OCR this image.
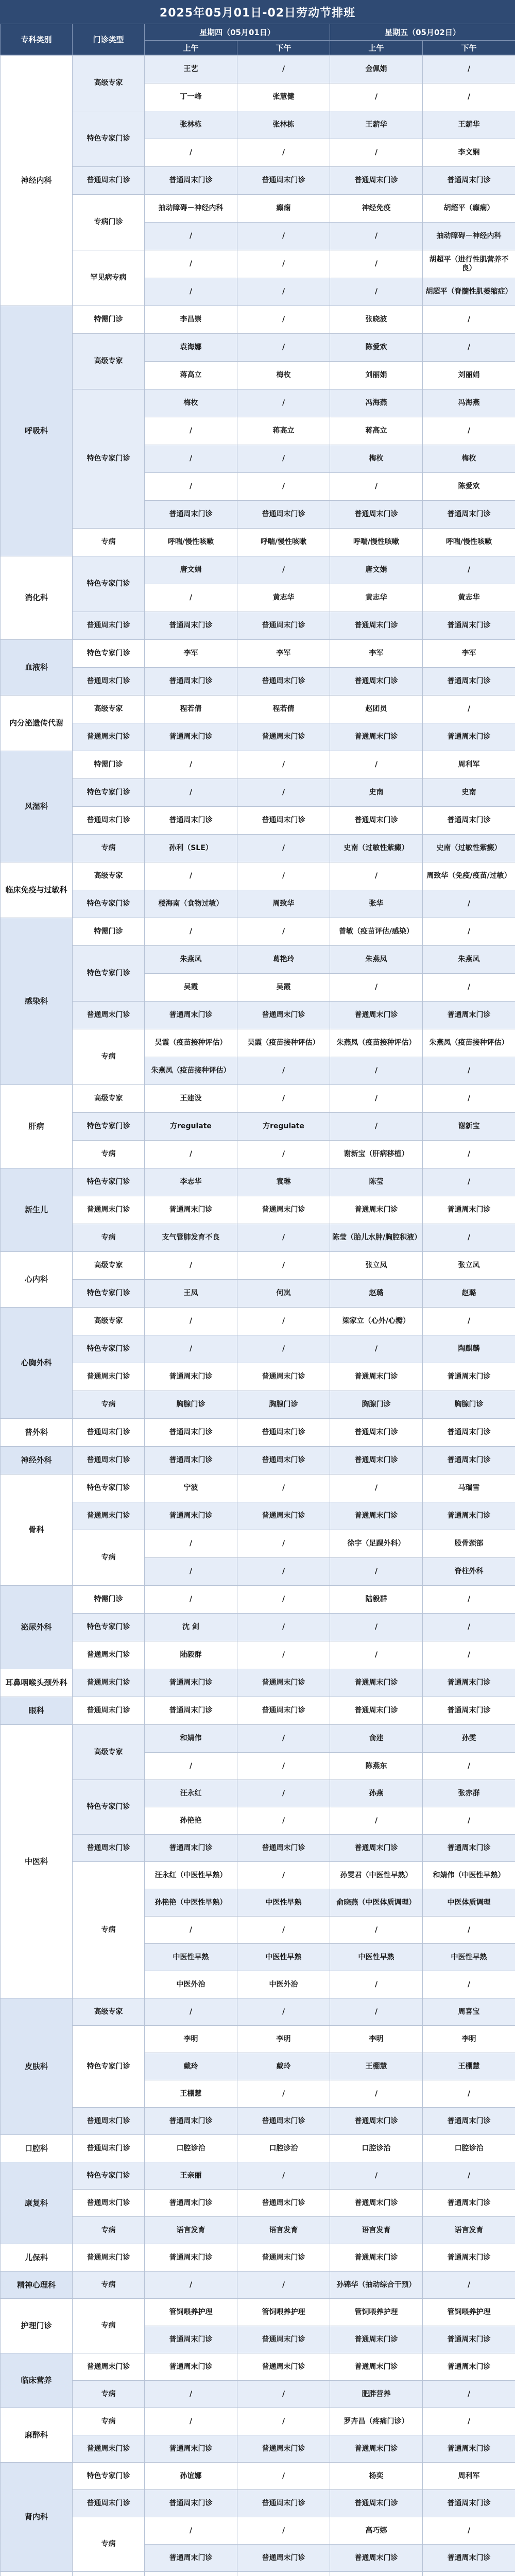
2025年05月01日-02日劳动节排班
专科类别	门诊类型	星期四（05月01日）		星期五（05月02日）	
		上午	下午	上午	下午
神经内科	高级专家	王艺	/	金佩娟	/
		丁一峰	张慧健	/	/
	特色专家门诊	张林栋	张林栋	王薪华	王薪华
		/	/	/	李文娴
	普通周末门诊	普通周末门诊	普通周末门诊	普通周末门诊	普通周末门诊
	专病门诊	抽动障碍－神经内科	癫痫	神经免疫	胡超平（癫痫）
		/	/	/	抽动障碍－神经内科
	罕见病专病	/	/	/	胡超平（进行性肌营养不良）
		/	/	/	胡超平（脊髓性肌萎缩症）
呼吸科	特需门诊	李昌崇	/	张晓波	/
	高级专家	袁海娜	/	陈爱欢	/
		蒋高立	梅枚	刘丽娟	刘丽娟
	特色专家门诊	梅枚	/	冯海燕	冯海燕
		/	蒋高立	蒋高立	/
		/	/	梅枚	梅枚
		/	/	/	陈爱欢
		普通周末门诊	普通周末门诊	普通周末门诊	普通周末门诊
	专病	呼喘/慢性咳嗽	呼喘/慢性咳嗽	呼喘/慢性咳嗽	呼喘/慢性咳嗽
消化科	特色专家门诊	唐文娟	/	唐文娟	/
		/	黄志华	黄志华	黄志华
	普通周末门诊	普通周末门诊	普通周末门诊	普通周末门诊	普通周末门诊
血液科	特色专家门诊	李军	李军	李军	李军
	普通周末门诊	普通周末门诊	普通周末门诊	普通周末门诊	普通周末门诊
内分泌遗传代谢	高级专家	程若倩	程若倩	赵团员	/
	普通周末门诊	普通周末门诊	普通周末门诊	普通周末门诊	普通周末门诊
风湿科	特需门诊	/	/	/	周利军
	特色专家门诊	/	/	史南	史南
	普通周末门诊	普通周末门诊	普通周末门诊	普通周末门诊	普通周末门诊
	专病	孙利（SLE）	/	史南（过敏性紫癜）	史南（过敏性紫癜）
临床免疫与过敏科	高级专家	/	/	/	周致华（免疫/疫苗/过敏）
	特色专家门诊	楼海南（食物过敏）	周致华	张华	/
感染科	特需门诊	/	/	曾敏（疫苗评估/感染）	/
	特色专家门诊	朱燕凤	葛艳玲	朱燕凤	朱燕凤
		吴霞	吴霞	/	/
	普通周末门诊	普通周末门诊	普通周末门诊	普通周末门诊	普通周末门诊
	专病	吴霞（疫苗接种评估）	吴霞（疫苗接种评估）	朱燕凤（疫苗接种评估）	朱燕凤（疫苗接种评估）
		朱燕凤（疫苗接种评估）	/	/	/
肝病	高级专家	王建设	/	/	/
	特色专家门诊	方regulate	方regulate	/	谢新宝
	专病	/	/	谢新宝（肝病移植）	/
新生儿	特色专家门诊	李志华	袁琳	陈莹	/
	普通周末门诊	普通周末门诊	普通周末门诊	普通周末门诊	普通周末门诊
	专病	支气管肺发育不良	/	陈莹（胎儿水肿/胸腔积液）	/
心内科	高级专家	/	/	张立凤	张立凤
	特色专家门诊	王凤	何岚	赵璐	赵璐
心胸外科	高级专家	/	/	梁家立（心外/心瓣）	/
	特色专家门诊	/	/	/	陶麒麟
	普通周末门诊	普通周末门诊	普通周末门诊	普通周末门诊	普通周末门诊
	专病	胸腺门诊	胸腺门诊	胸腺门诊	胸腺门诊
普外科	普通周末门诊	普通周末门诊	普通周末门诊	普通周末门诊	普通周末门诊
神经外科	普通周末门诊	普通周末门诊	普通周末门诊	普通周末门诊	普通周末门诊
骨科	特色专家门诊	宁波	/	/	马瑞雪
	普通周末门诊	普通周末门诊	普通周末门诊	普通周末门诊	普通周末门诊
	专病	/	/	徐宇（足踝外科）	股骨颈部
		/	/	/	脊柱外科
泌尿外科	特需门诊	/	/	陆毅群	/
	特色专家门诊	沈 剑	/	/	/
	普通周末门诊	陆毅群	/	/	/
耳鼻咽喉头颈外科	普通周末门诊	普通周末门诊	普通周末门诊	普通周末门诊	普通周末门诊
眼科	普通周末门诊	普通周末门诊	普通周末门诊	普通周末门诊	普通周末门诊
中医科	高级专家	和婧伟	/	俞建	孙雯
		/	/	陈燕东	/
	特色专家门诊	汪永红	/	孙燕	张赤群
		孙艳艳	/	/	/
	普通周末门诊	普通周末门诊	普通周末门诊	普通周末门诊	普通周末门诊
	专病	汪永红（中医性早熟）	/	孙雯君（中医性早熟）	和婧伟（中医性早熟）
		孙艳艳（中医性早熟）	中医性早熟	俞晓燕（中医体质调理）	中医体质调理
		/	/	/	/
		中医性早熟	中医性早熟	中医性早熟	中医性早熟
		中医外治	中医外治	/	/
皮肤科	高级专家	/	/	/	周喜宝
	特色专家门诊	李明	李明	李明	李明
		戴玲	戴玲	王棚慧	王棚慧
		王棚慧	/	/	/
	普通周末门诊	普通周末门诊	普通周末门诊	普通周末门诊	普通周末门诊
口腔科	普通周末门诊	口腔诊治	口腔诊治	口腔诊治	口腔诊治
康复科	特色专家门诊	王亲丽	/	/	/
	普通周末门诊	普通周末门诊	普通周末门诊	普通周末门诊	普通周末门诊
	专病	语言发育	语言发育	语言发育	语言发育
儿保科	普通周末门诊	普通周末门诊	普通周末门诊	普通周末门诊	普通周末门诊
精神心理科	专病	/	/	孙锦华（抽动综合干预）	/
护理门诊	专病	管饲喂养护理	管饲喂养护理	管饲喂养护理	管饲喂养护理
		普通周末门诊	普通周末门诊	普通周末门诊	普通周末门诊
临床营养	普通周末门诊	普通周末门诊	普通周末门诊	普通周末门诊	普通周末门诊
	专病	/	/	肥胖营养	/
麻醉科	专病	/	/	罗卉昌（疼痛门诊）	/
	普通周末门诊	普通周末门诊	普通周末门诊	普通周末门诊	普通周末门诊
肾内科	特色专家门诊	孙谊娜	/	杨奕	周利军
	普通周末门诊	普通周末门诊	普通周末门诊	普通周末门诊	普通周末门诊
	专病	/	/	高巧娜	/
		普通周末门诊	普通周末门诊	普通周末门诊	普通周末门诊
